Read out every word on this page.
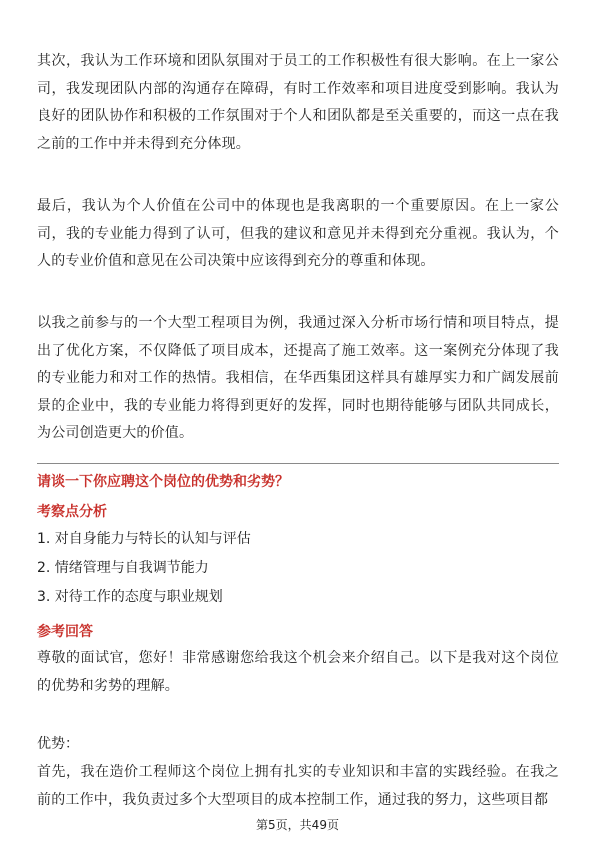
其次，我认为工作环境和团队氛围对于员工的工作积极性有很大影响。在上一家公司，我发现团队内部的沟通存在障碍，有时工作效率和项目进度受到影响。我认为良好的团队协作和积极的工作氛围对于个人和团队都是至关重要的，而这一点在我之前的工作中并未得到充分体现。

最后，我认为个人价值在公司中的体现也是我离职的一个重要原因。在上一家公司，我的专业能力得到了认可，但我的建议和意见并未得到充分重视。我认为，个人的专业价值和意见在公司决策中应该得到充分的尊重和体现。

以我之前参与的一个大型工程项目为例，我通过深入分析市场行情和项目特点，提出了优化方案，不仅降低了项目成本，还提高了施工效率。这一案例充分体现了我的专业能力和对工作的热情。我相信，在华西集团这样具有雄厚实力和广阔发展前景的企业中，我的专业能力将得到更好的发挥，同时也期待能够与团队共同成长，为公司创造更大的价值。

请谈一下你应聘这个岗位的优势和劣势？

考察点分析

1. 对自身能力与特长的认知与评估

2. 情绪管理与自我调节能力

3. 对待工作的态度与职业规划

参考回答

尊敬的面试官，您好！非常感谢您给我这个机会来介绍自己。以下是我对这个岗位的优势和劣势的理解。

优势：

首先，我在造价工程师这个岗位上拥有扎实的专业知识和丰富的实践经验。在我之前的工作中，我负责过多个大型项目的成本控制工作，通过我的努力，这些项目都

第5页，共49页
